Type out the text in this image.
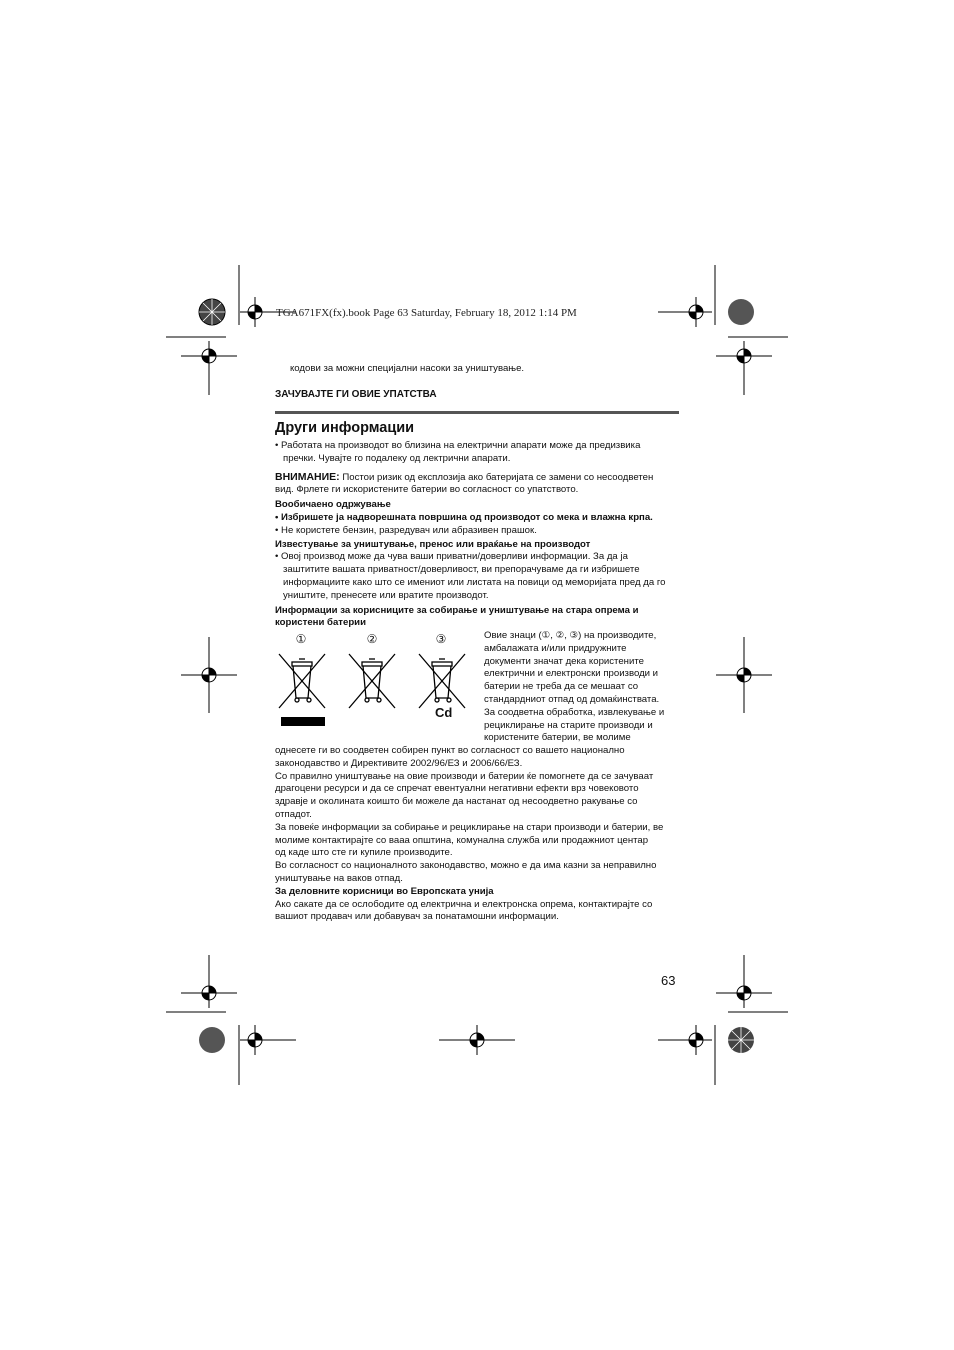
TGA671FX(fx).book Page 63 Saturday, February 18, 2012 1:14 PM
кодови за можни специјални насоки за уништување.
ЗАЧУВАЈТЕ ГИ ОВИЕ УПАТСТВА
Други информации
• Работата на производот во близина на електрични апарати може да предизвика
пречки. Чувајте го подалеку од лектрични апарати.
ВНИМАНИЕ: Постои ризик од експлозија ако батеријата се замени со несоодветен
вид. Фрлете ги искористените батерии во согласност со упатството.
Вообичаено одржување
• Избришете ја надворешната површина од производот со мека и влажна крпа.
• Не користете бензин, разредувач или абразивен прашок.
Известување за уништување, пренос или враќање на производот
• Овој производ може да чува ваши приватни/доверливи информации. За да ја
заштитите вашата приватност/доверливост, ви препорачуваме да ги избришете
информациите како што се имениот или листата на повици од меморијата пред да го
уништите, пренесете или вратите производот.
Информации за корисниците за собирање и уништување на стара опрема и
користени батерии
①	②	③
Cd
Овие знаци (①, ②, ③) на производите,
амбалажата и/или придружните
документи значат дека користените
електрични и електронски производи и
батерии не треба да се мешаат со
стандардниот отпад од домаќинствата.
За соодветна обработка, извлекување и
рециклирање на старите производи и
користените батерии, ве молиме
однесете ги во соодветен собирен пункт во согласност со вашето национално
законодавство и Директивите 2002/96/ЕЗ и 2006/66/ЕЗ.
Со правилно уништување на овие производи и батерии ќе помогнете да се зачуваат
драгоцени ресурси и да се спречат евентуални негативни ефекти врз човековото
здравје и околината коишто би можеле да настанат од несоодветно ракување со
отпадот.
За повеќе информации за собирање и рециклирање на стари производи и батерии, ве
молиме контактирајте со вааа општина, комунална служба или продажниот центар
од каде што сте ги купиле производите.
Во согласност со националното законодавство, можно е да има казни за неправилно
уништување на ваков отпад.
За деловните корисници во Европската унија
Ако сакате да се ослободите од електрична и електронска опрема, контактирајте со
вашиот продавач или добавувач за понатамошни информации.
63
